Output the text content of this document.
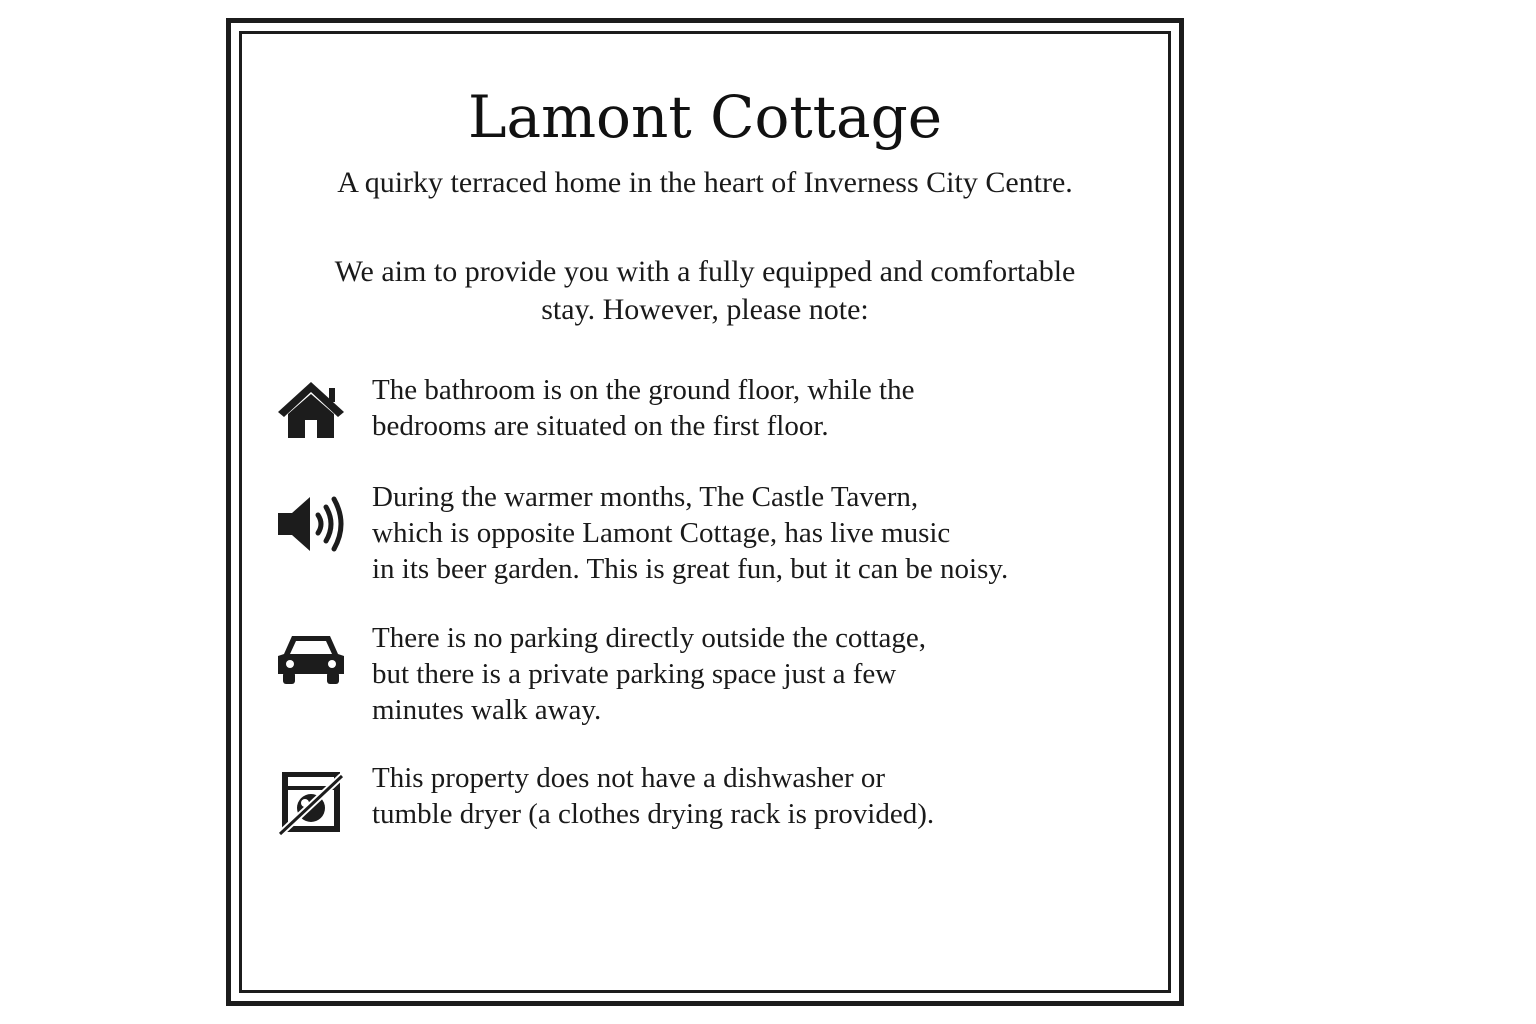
Lamont Cottage

A quirky terraced home in the heart of Inverness City Centre.

We aim to provide you with a fully equipped and comfortable stay. However, please note:

The bathroom is on the ground floor, while the
bedrooms are situated on the first floor.

During the warmer months, The Castle Tavern,
which is opposite Lamont Cottage, has live music
in its beer garden. This is great fun, but it can be noisy.

There is no parking directly outside the cottage,
but there is a private parking space just a few
minutes walk away.

This property does not have a dishwasher or
tumble dryer (a clothes drying rack is provided).
